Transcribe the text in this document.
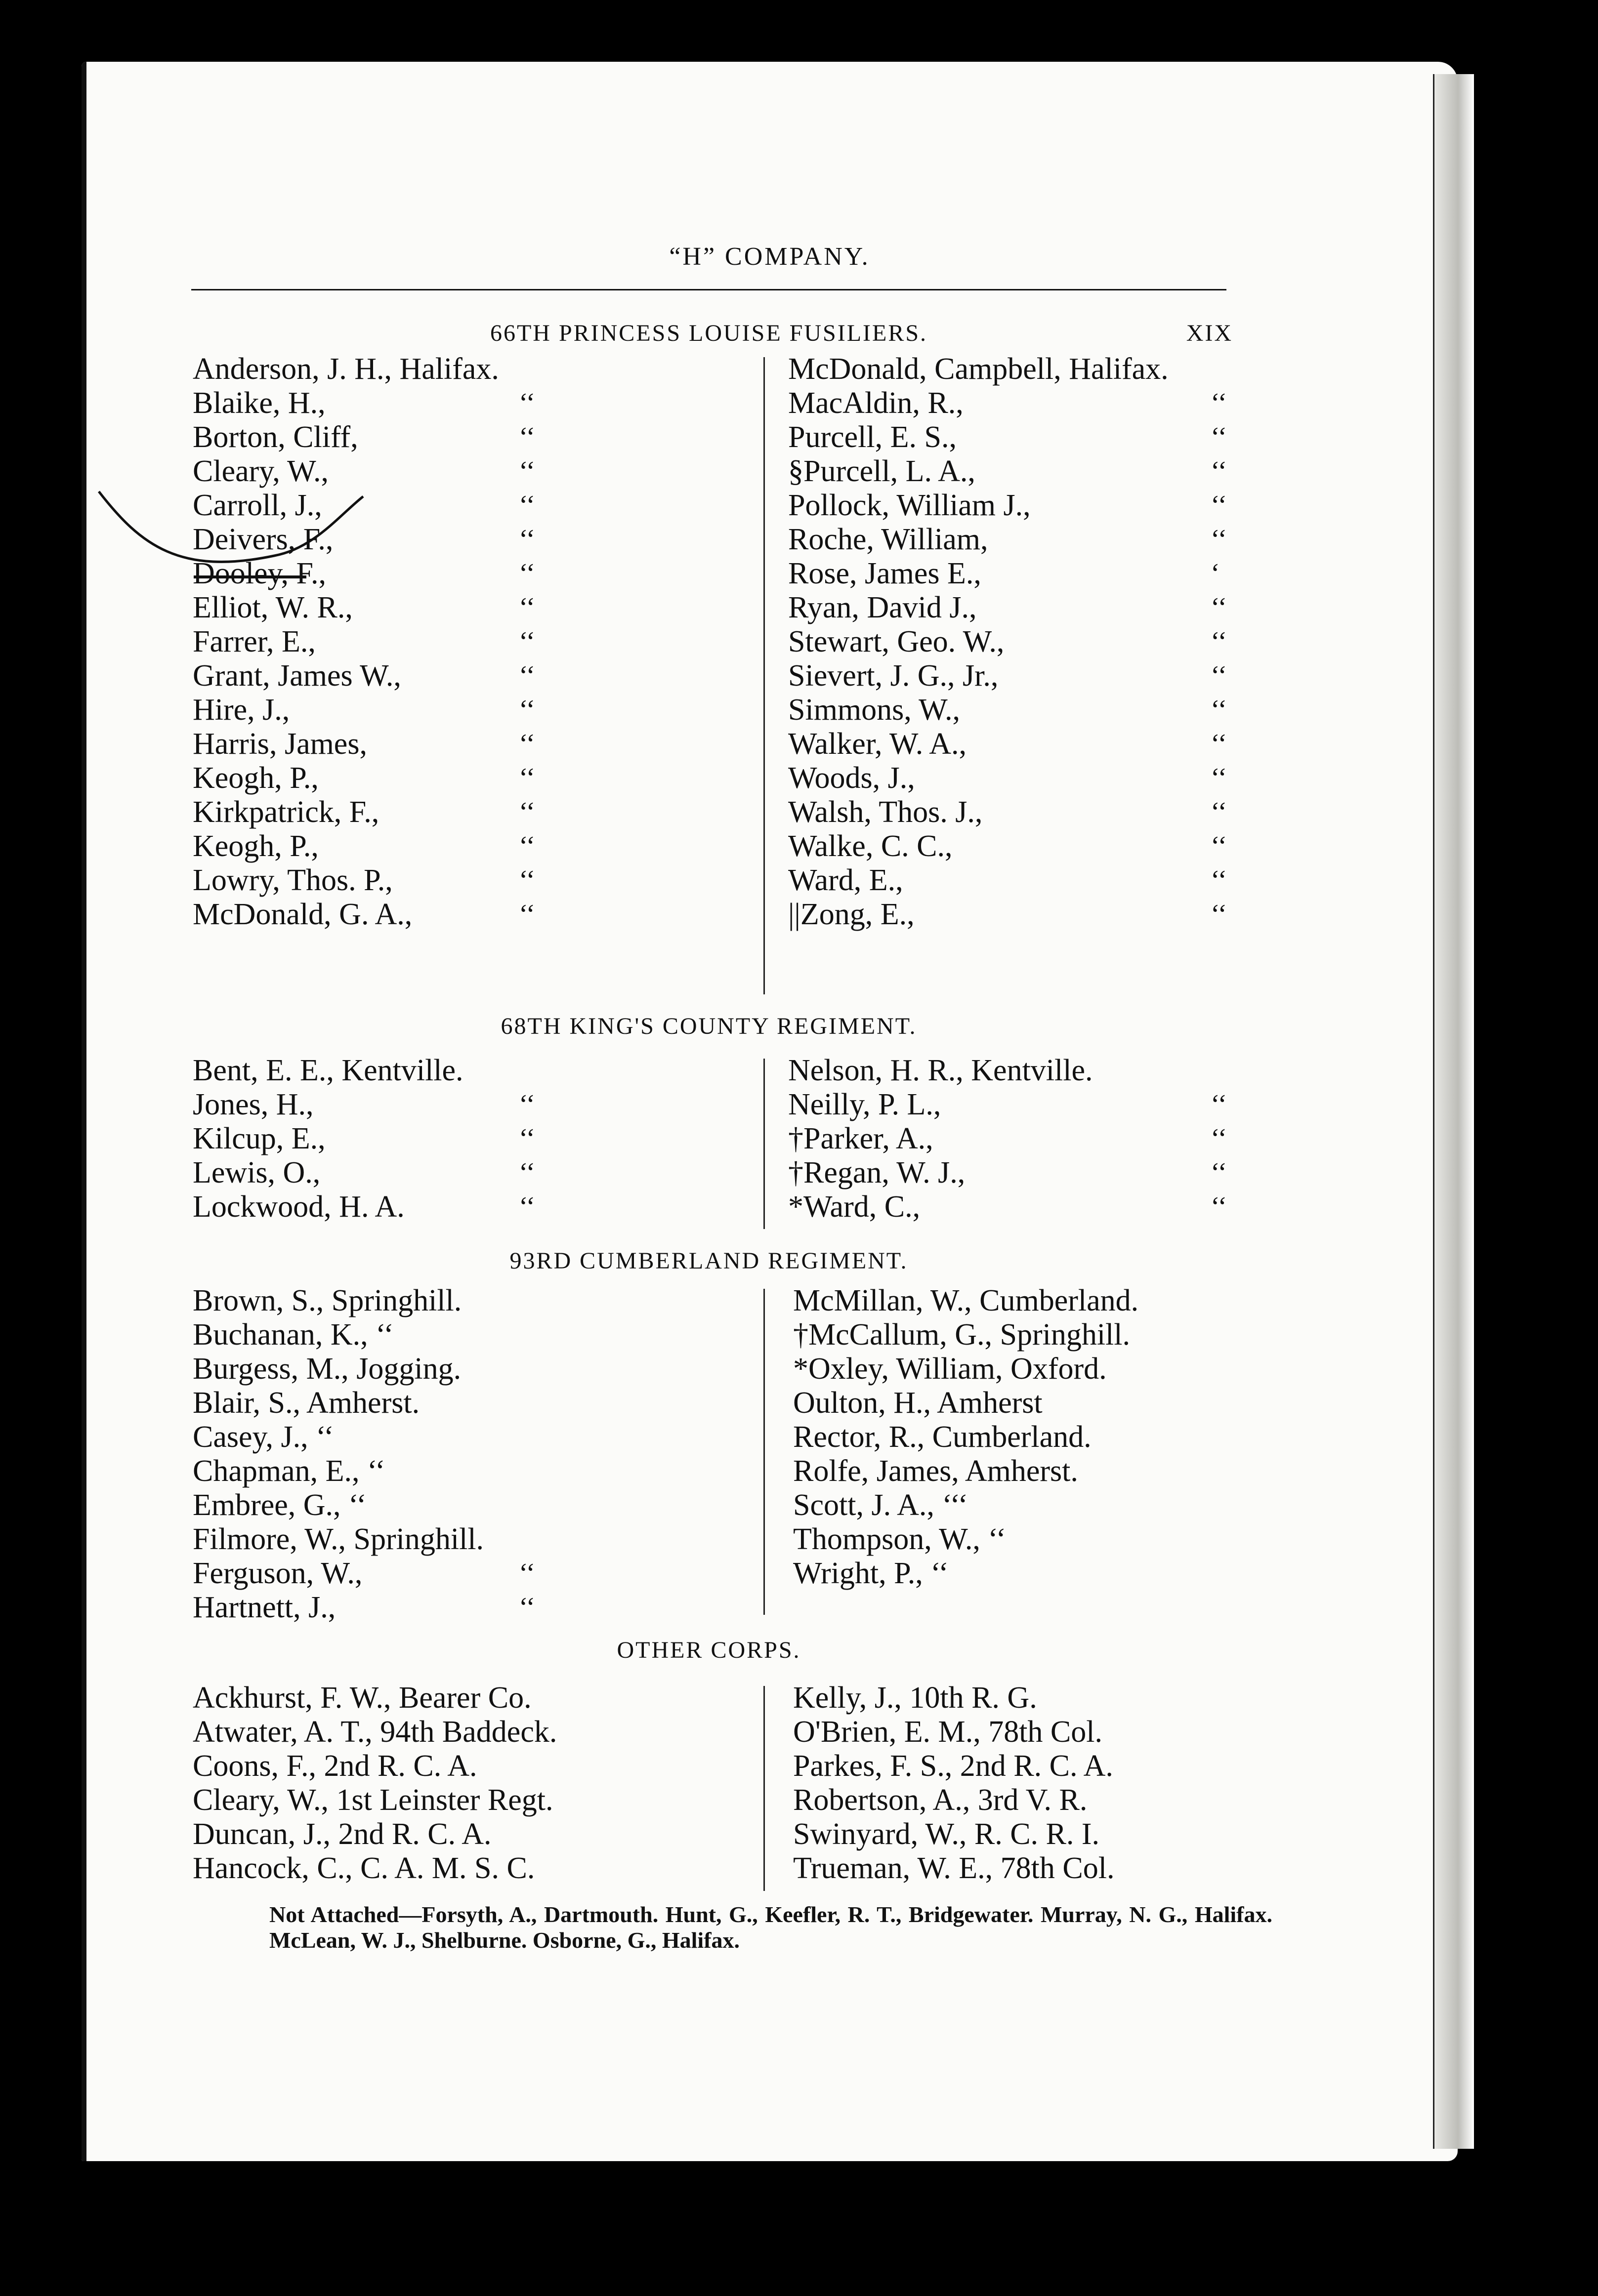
“H” COMPANY.
XIX
66TH PRINCESS LOUISE FUSILIERS.
Anderson, J. H., Halifax.
Blaike, H.,	‘‘
Borton, Cliff,	‘‘
Cleary, W.,	‘‘
Carroll, J.,	‘‘
Deivers, F.,	‘‘
Dooley, F.,	‘‘
Elliot, W. R.,	‘‘
Farrer, E.,	‘‘
Grant, James W.,	‘‘
Hire, J.,	‘‘
Harris, James,	‘‘
Keogh, P.,	‘‘
Kirkpatrick, F.,	‘‘
Keogh, P.,	‘‘
Lowry, Thos. P.,	‘‘
McDonald, G. A.,	‘‘
McDonald, Campbell, Halifax.
MacAldin, R.,	‘‘
Purcell, E. S.,	‘‘
§Purcell, L. A.,	‘‘
Pollock, William J.,	‘‘
Roche, William,	‘‘
Rose, James E.,	‘
Ryan, David J.,	‘‘
Stewart, Geo. W.,	‘‘
Sievert, J. G., Jr.,	‘‘
Simmons, W.,	‘‘
Walker, W. A.,	‘‘
Woods, J.,	‘‘
Walsh, Thos. J.,	‘‘
Walke, C. C.,	‘‘
Ward, E.,	‘‘
||Zong, E.,	‘‘
68TH KING'S COUNTY REGIMENT.
Bent, E. E., Kentville.
Jones, H.,	‘‘
Kilcup, E.,	‘‘
Lewis, O.,	‘‘
Lockwood, H. A.	‘‘
Nelson, H. R., Kentville.
Neilly, P. L.,	‘‘
†Parker, A.,	‘‘
†Regan, W. J.,	‘‘
*Ward, C.,	‘‘
93RD CUMBERLAND REGIMENT.
Brown, S., Springhill.
Buchanan, K., ‘‘
Burgess, M., Jogging.
Blair, S., Amherst.
Casey, J., ‘‘
Chapman, E., ‘‘
Embree, G., ‘‘
Filmore, W., Springhill.
Ferguson, W.,	‘‘
Hartnett, J.,	‘‘
McMillan, W., Cumberland.
†McCallum, G., Springhill.
*Oxley, William, Oxford.
Oulton, H., Amherst
Rector, R., Cumberland.
Rolfe, James, Amherst.
Scott, J. A., ‘‘‘
Thompson, W., ‘‘
Wright, P., ‘‘
OTHER CORPS.
Ackhurst, F. W., Bearer Co.
Atwater, A. T., 94th Baddeck.
Coons, F., 2nd R. C. A.
Cleary, W., 1st Leinster Regt.
Duncan, J., 2nd R. C. A.
Hancock, C., C. A. M. S. C.
Kelly, J., 10th R. G.
O'Brien, E. M., 78th Col.
Parkes, F. S., 2nd R. C. A.
Robertson, A., 3rd V. R.
Swinyard, W., R. C. R. I.
Trueman, W. E., 78th Col.
Not Attached—Forsyth, A., Dartmouth. Hunt, G., Keefler, R. T., Bridgewater. Murray, N. G., Halifax. McLean, W. J., Shelburne. Osborne, G., Halifax.
